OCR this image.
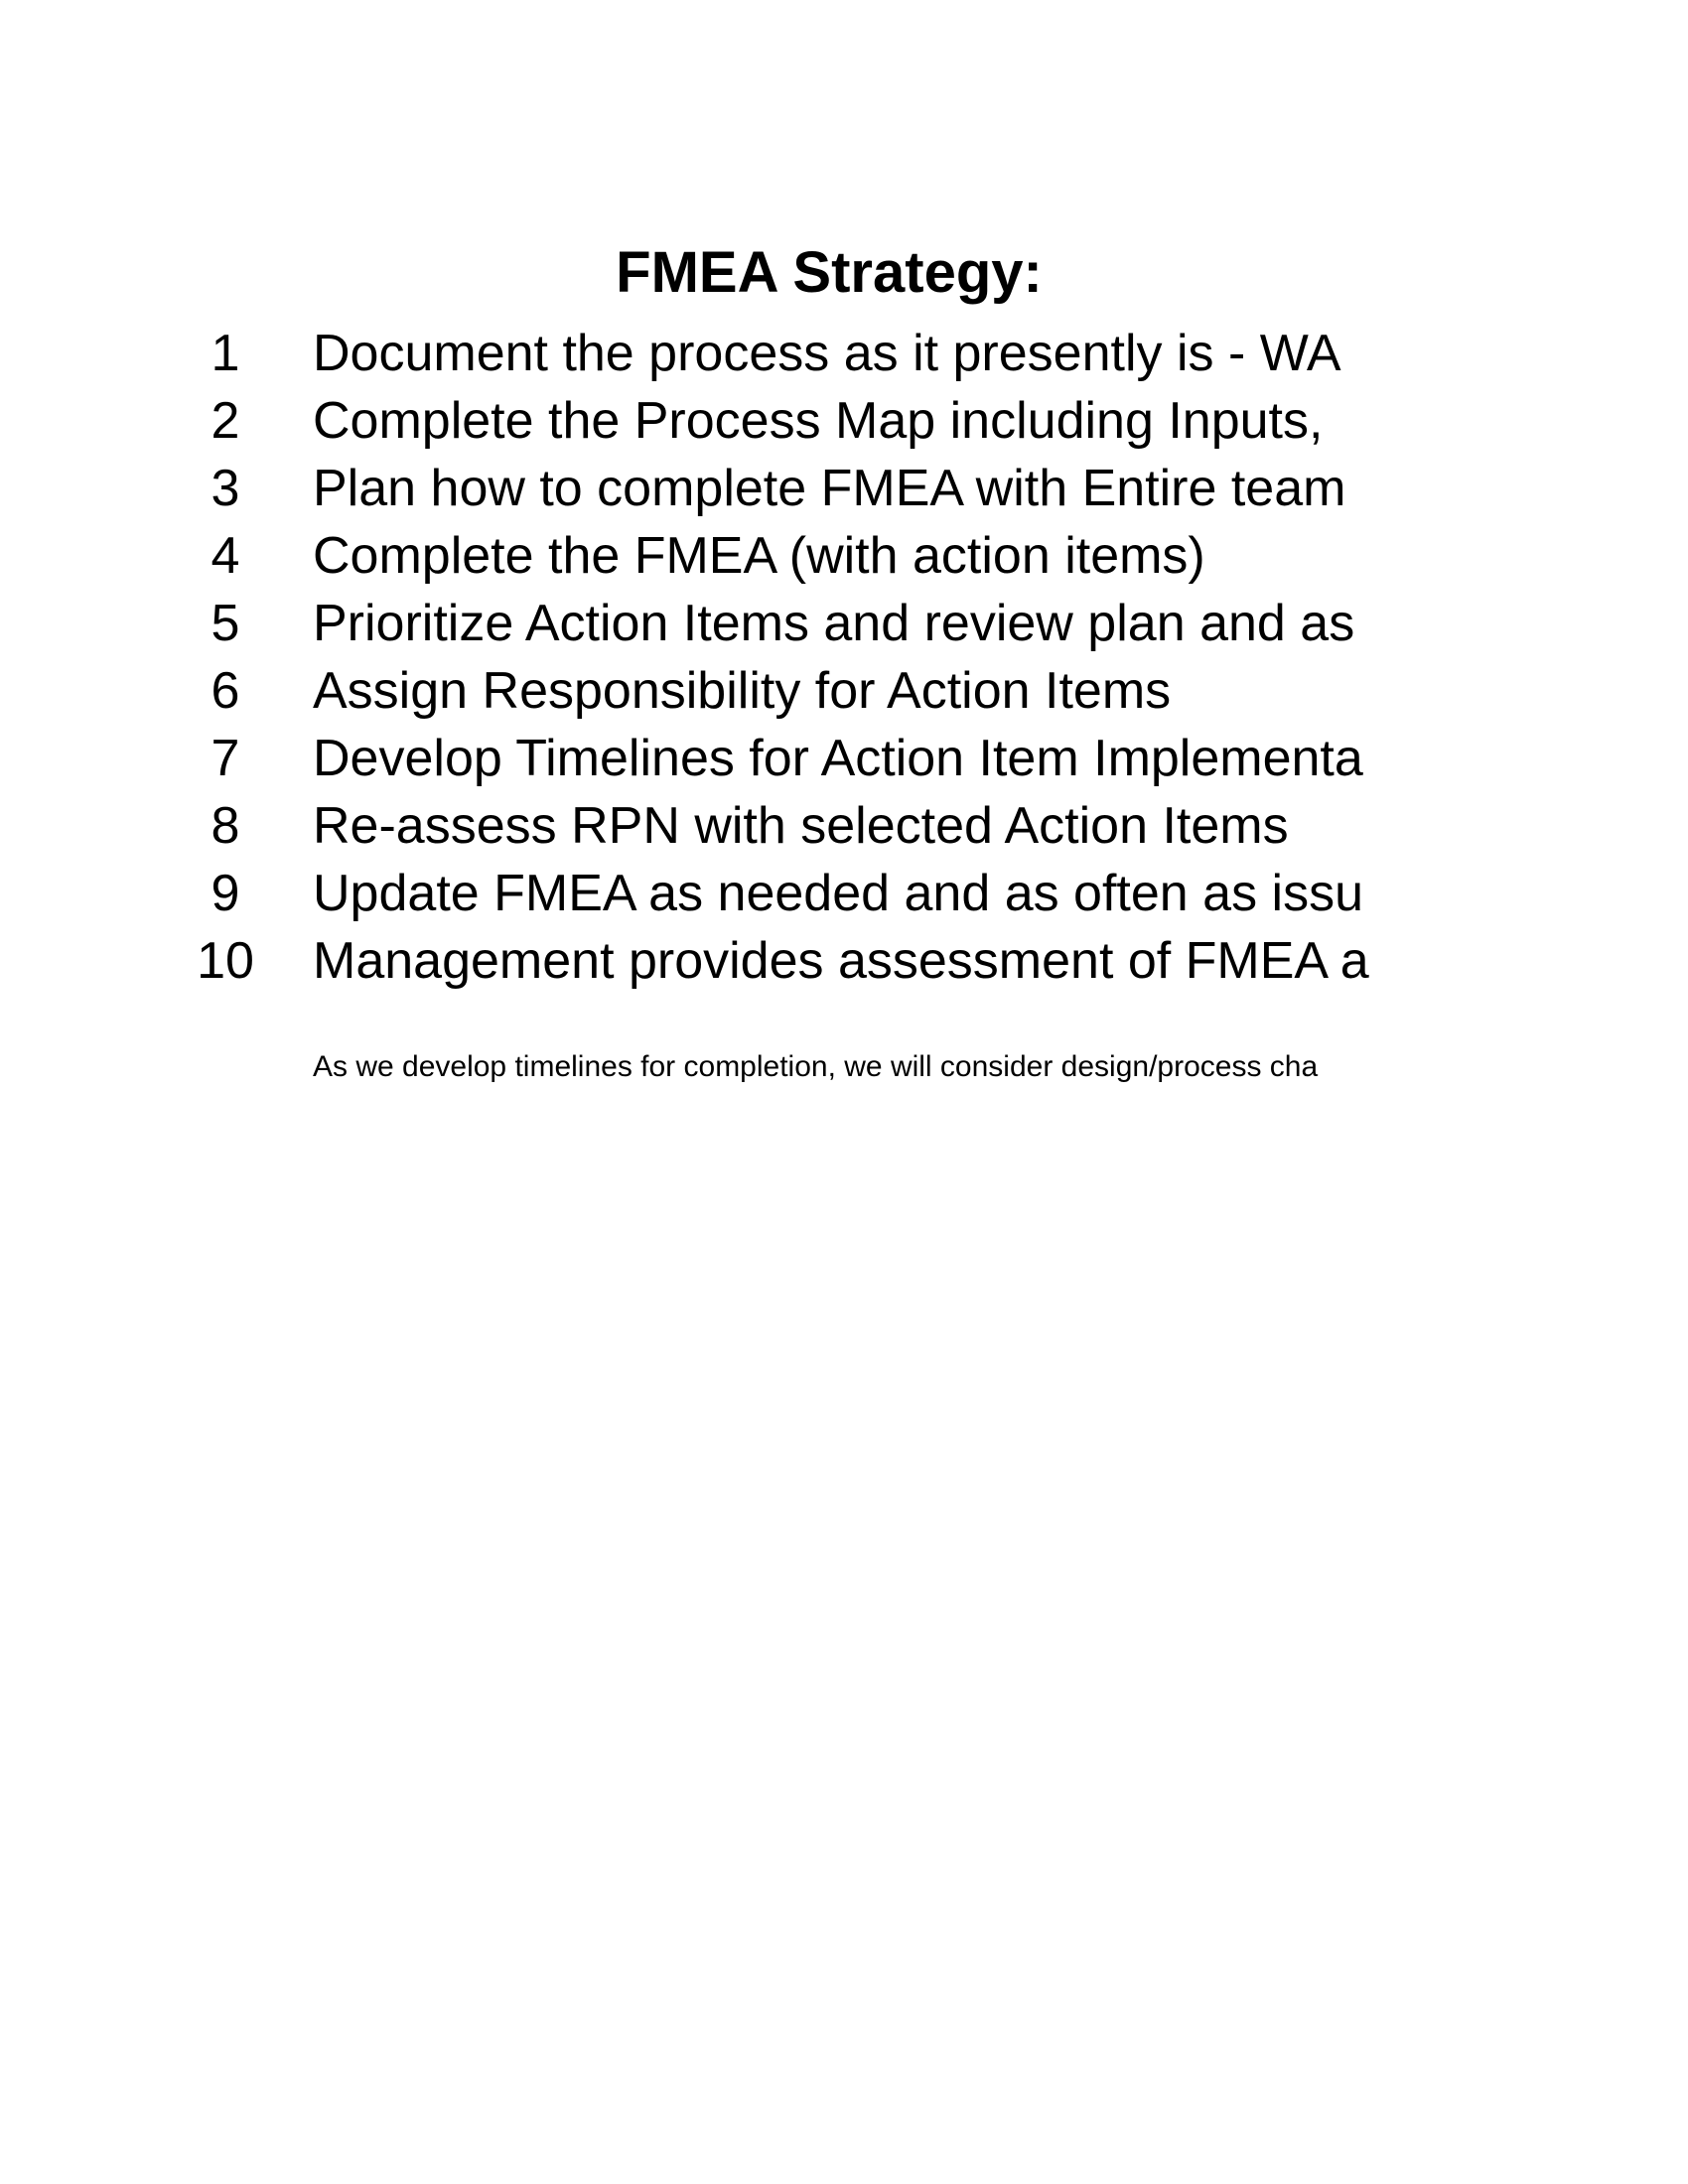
FMEA Strategy:
1	Document the process as it presently is - WA
2	Complete the Process Map including Inputs,
3	Plan how to complete FMEA with Entire team
4	Complete the FMEA (with action items)
5	Prioritize Action Items and review plan and as
6	Assign Responsibility for Action Items
7	Develop Timelines for Action Item Implementa
8	Re-assess RPN with selected Action Items
9	Update FMEA as needed and as often as issu
10 Management provides assessment of FMEA a
As we develop timelines for completion, we will consider design/process cha
